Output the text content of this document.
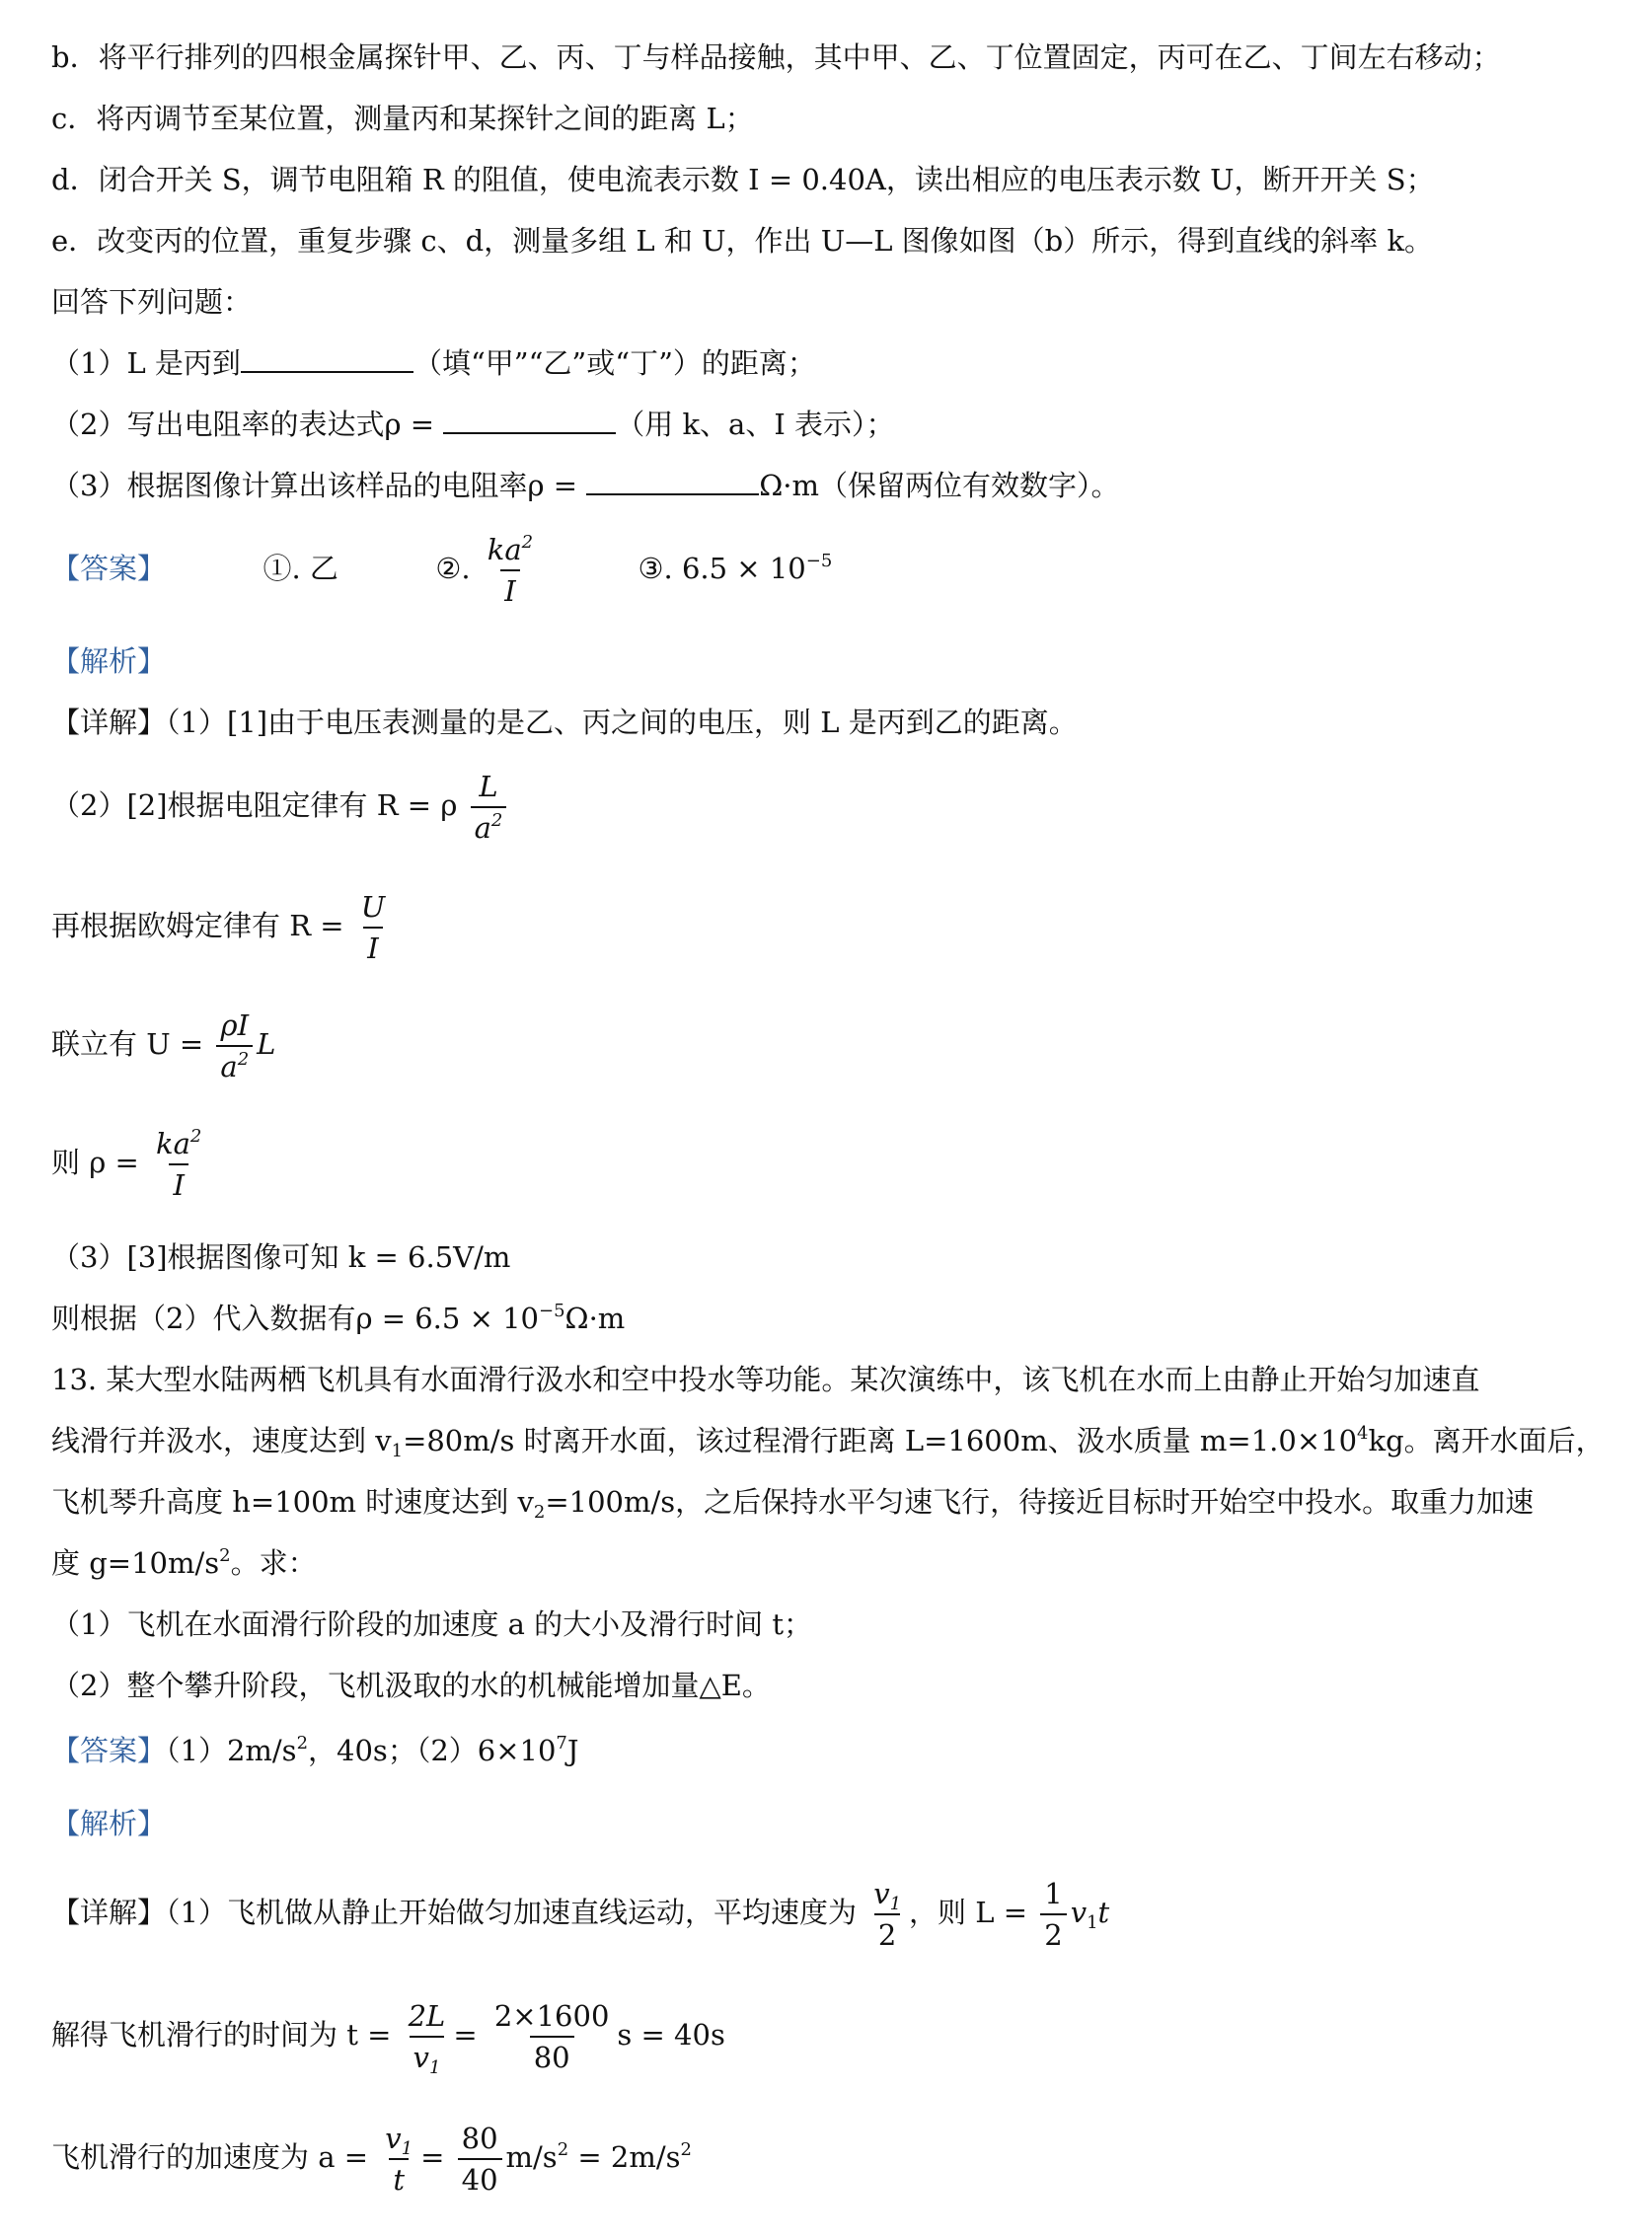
b．将平行排列的四根金属探针甲、乙、丙、丁与样品接触，其中甲、乙、丁位置固定，丙可在乙、丁间左右移动；
c．将丙调节至某位置，测量丙和某探针之间的距离 L；
d．闭合开关 S，调节电阻箱 R 的阻值，使电流表示数 I = 0.40A，读出相应的电压表示数 U，断开开关 S；
e．改变丙的位置，重复步骤 c、d，测量多组 L 和 U，作出 U—L 图像如图（b）所示，得到直线的斜率 k。
回答下列问题：
（1）L 是丙到	（填“甲”“乙”或“丁”）的距离；
（2）写出电阻率的表达式ρ =	（用 k、a、I 表示）；
（3）根据图像计算出该样品的电阻率ρ =	Ω·m（保留两位有效数字）。
【答案】	①. 乙	②. $\frac{ka^2}{I}$	③. $6.5 \times 10^{-5}$
【解析】
【详解】（1）[1]由于电压表测量的是乙、丙之间的电压，则 L 是丙到乙的距离。
（2）[2]根据电阻定律有 R = ρ $\frac{L}{a^2}$
再根据欧姆定律有 $R = \frac{U}{I}$
联立有 $U = \frac{\rho I}{a^2}$ L
则 $\rho = \frac{ka^2}{I}$
（3）[3]根据图像可知 k = 6.5V/m
则根据（2）代入数据有$\rho = 6.5 \times 10^{-5}\Omega\cdot m$
13. 某大型水陆两栖飞机具有水面滑行汲水和空中投水等功能。某次演练中，该飞机在水而上由静止开始匀加速直
线滑行并汲水，速度达到 $v_1=80m/s$ 时离开水面，该过程滑行距离 L=1600m、汲水质量 $m=1.0\times 10^4kg$。离开水面后，
飞机琴升高度 h=100m 时速度达到 $v_2=100m/s$，之后保持水平匀速飞行，待接近目标时开始空中投水。取重力加速
度 $g=10m/s^2$。求：
（1）飞机在水面滑行阶段的加速度 a 的大小及滑行时间 t；
（2）整个攀升阶段，飞机汲取的水的机械能增加量△E。
【答案】$(1)2m/s^2$，40s；$(2)6\times 10^7J$
【解析】
【详解】（1）飞机做从静止开始做匀加速直线运动，平均速度为 $\frac{v_1}{2}$ ，则 $L = \frac{1}{2} v_1t$
解得飞机滑行的时间为 $t = \frac{2L}{v_1} = \frac{2\times 1600}{80}$ s = 40s
飞机滑行的加速度为 $a = \frac{v_1}{t} = \frac{80}{40} m/s^2 = 2m/s^2$
